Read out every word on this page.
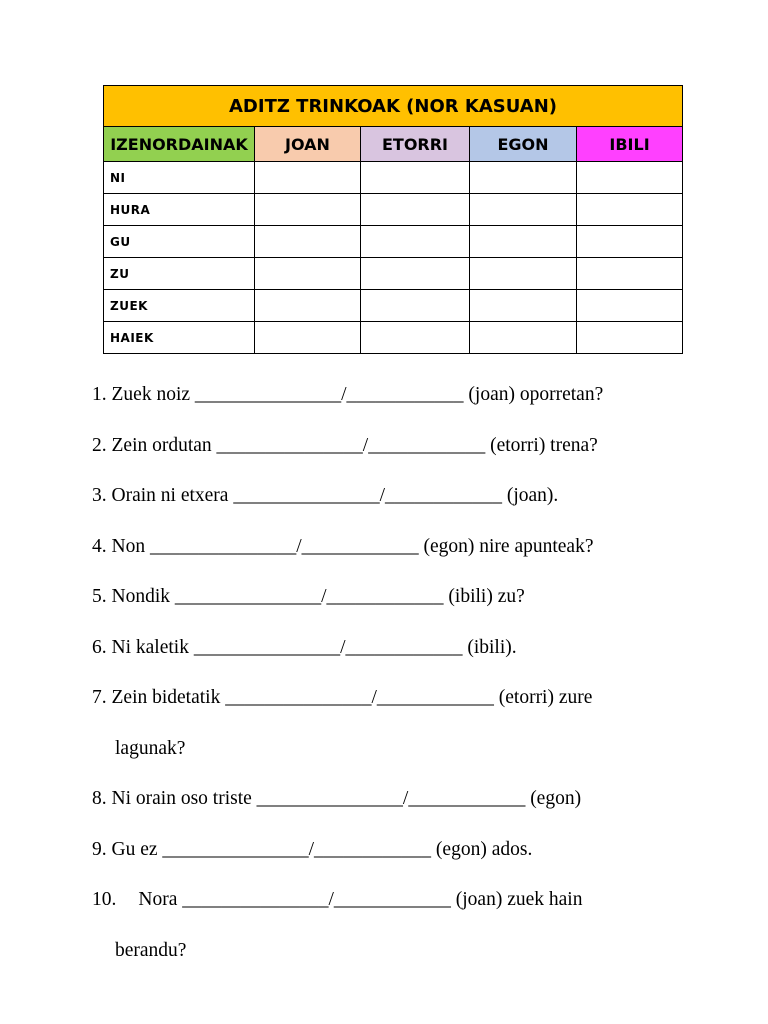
ADITZ TRINKOAK (NOR KASUAN)				
IZENORDAINAK	JOAN	ETORRI	EGON	IBILI
NI				
HURA				
GU				
ZU				
ZUEK				
HAIEK				
1. Zuek noiz _______________/____________ (joan) oporretan?
2. Zein ordutan _______________/____________ (etorri) trena?
3. Orain ni etxera _______________/____________ (joan).
4. Non _______________/____________ (egon) nire apunteak?
5. Nondik _______________/____________ (ibili) zu?
6. Ni kaletik _______________/____________ (ibili).
7. Zein bidetatik _______________/____________ (etorri) zure
lagunak?
8. Ni orain oso triste _______________/____________ (egon)
9. Gu ez _______________/____________ (egon) ados.
10. Nora _______________/____________ (joan) zuek hain
berandu?
